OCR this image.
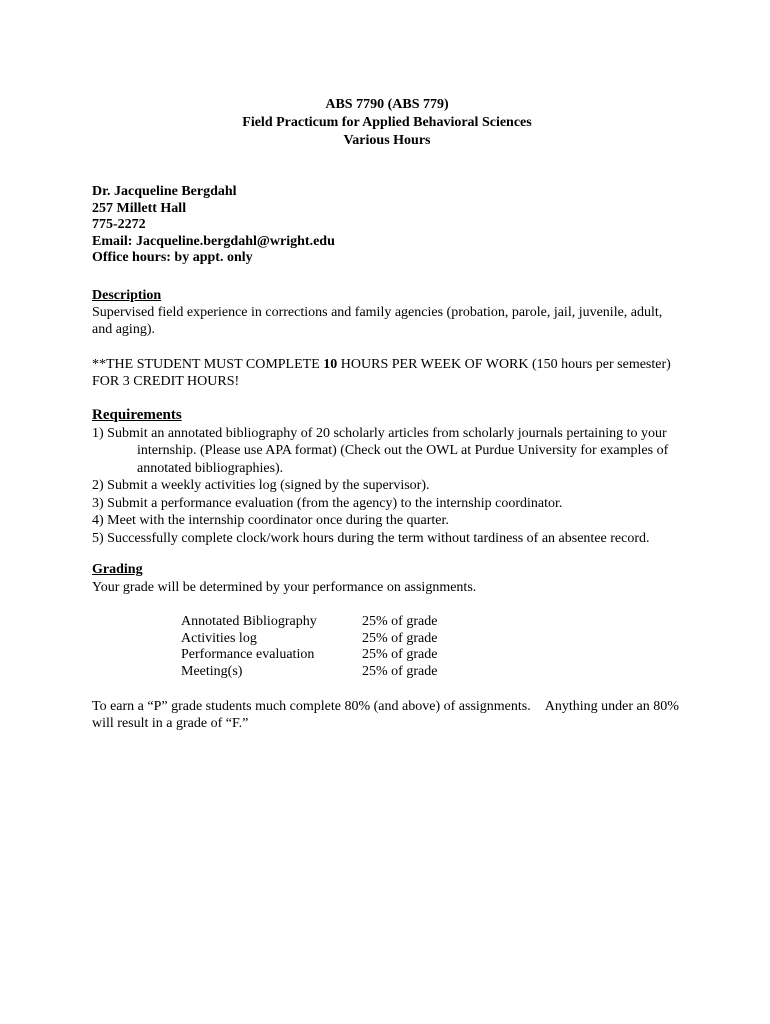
ABS 7790 (ABS 779)
Field Practicum for Applied Behavioral Sciences
Various Hours
Dr. Jacqueline Bergdahl
257 Millett Hall
775-2272
Email: Jacqueline.bergdahl@wright.edu
Office hours: by appt. only
Description
Supervised field experience in corrections and family agencies (probation, parole, jail, juvenile, adult, and aging).
**THE STUDENT MUST COMPLETE 10 HOURS PER WEEK OF WORK (150 hours per semester) FOR 3 CREDIT HOURS!
Requirements
1) Submit an annotated bibliography of 20 scholarly articles from scholarly journals pertaining to your internship. (Please use APA format) (Check out the OWL at Purdue University for examples of annotated bibliographies).
2) Submit a weekly activities log (signed by the supervisor).
3) Submit a performance evaluation (from the agency) to the internship coordinator.
4) Meet with the internship coordinator once during the quarter.
5) Successfully complete clock/work hours during the term without tardiness of an absentee record.
Grading
Your grade will be determined by your performance on assignments.
Annotated Bibliography	25% of grade
Activities log	25% of grade
Performance evaluation	25% of grade
Meeting(s)	25% of grade
To earn a “P” grade students much complete 80% (and above) of assignments. Anything under an 80% will result in a grade of “F.”
